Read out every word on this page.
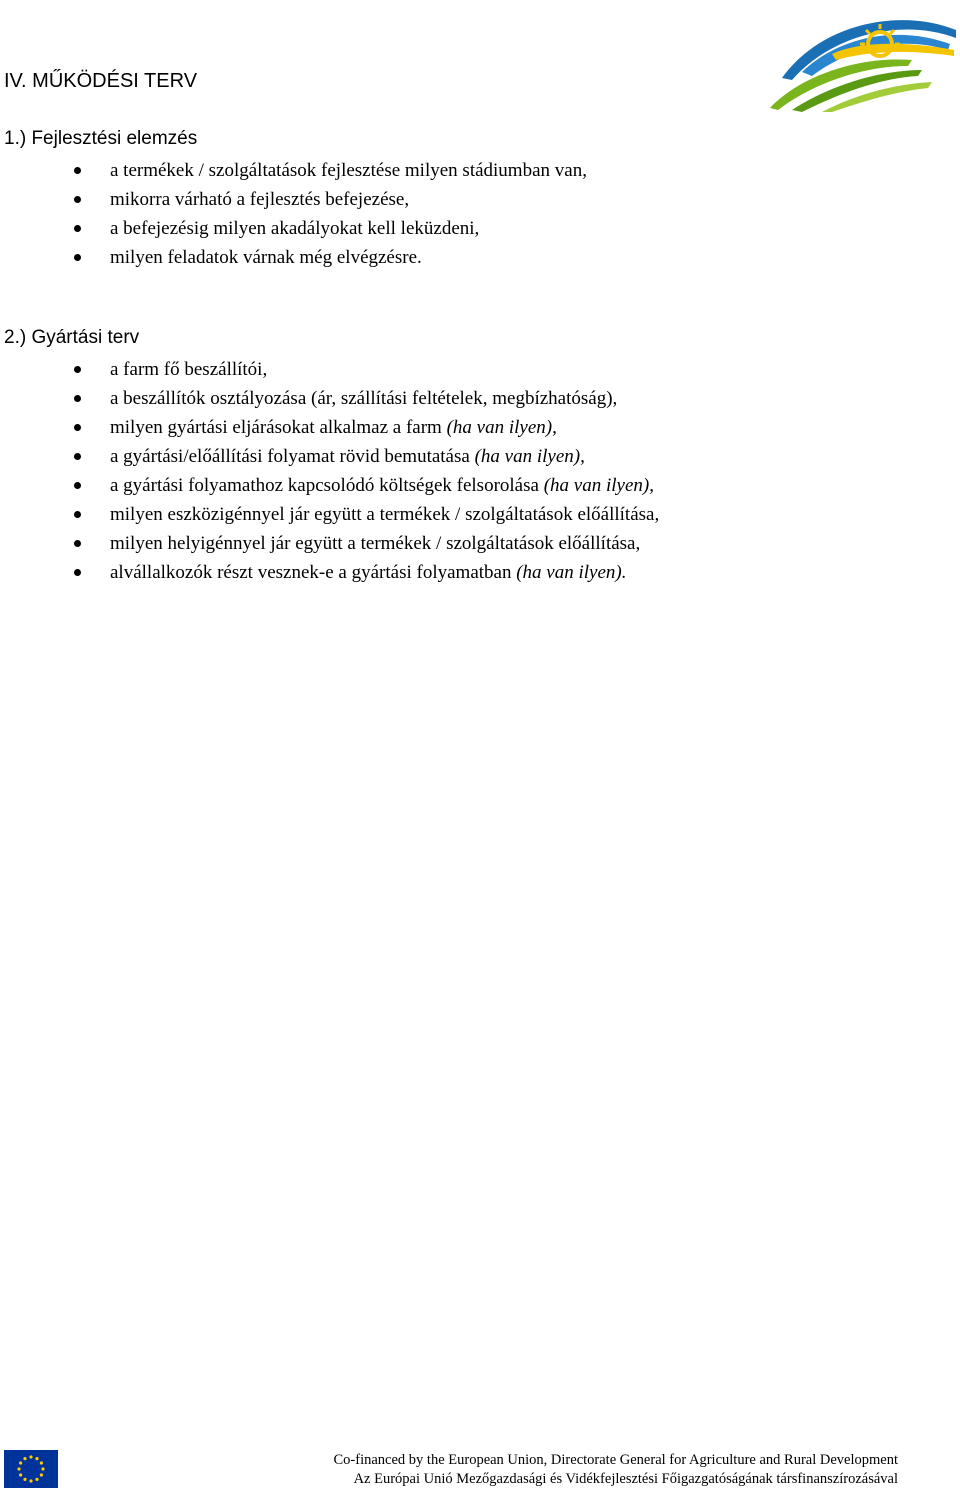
IV. MŰKÖDÉSI TERV
1.) Fejlesztési elemzés
a termékek / szolgáltatások fejlesztése milyen stádiumban van,
mikorra várható a fejlesztés befejezése,
a befejezésig milyen akadályokat kell leküzdeni,
milyen feladatok várnak még elvégzésre.
2.) Gyártási terv
a farm fő beszállítói,
a beszállítók osztályozása (ár, szállítási feltételek, megbízhatóság),
milyen gyártási eljárásokat alkalmaz a farm (ha van ilyen),
a gyártási/előállítási folyamat rövid bemutatása (ha van ilyen),
a gyártási folyamathoz kapcsolódó költségek felsorolása (ha van ilyen),
milyen eszközigénnyel jár együtt a termékek / szolgáltatások előállítása,
milyen helyigénnyel jár együtt a termékek / szolgáltatások előállítása,
alvállalkozók részt vesznek-e a gyártási folyamatban (ha van ilyen).
Co-financed by the European Union, Directorate General for Agriculture and Rural Development
Az Európai Unió Mezőgazdasági és Vidékfejlesztési Főigazgatóságának társfinanszírozásával
